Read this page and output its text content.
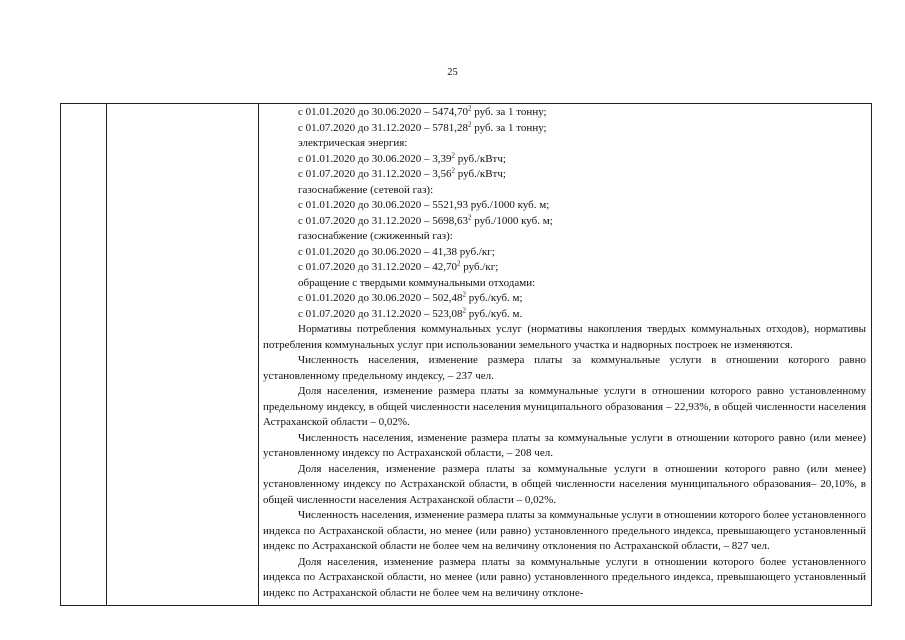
25
с 01.01.2020 до 30.06.2020 – 5474,70$^2$ руб. за 1 тонну;
с 01.07.2020 до 31.12.2020 – 5781,28$^2$ руб. за 1 тонну;
электрическая энергия:
с 01.01.2020 до 30.06.2020 – 3,39$^2$ руб./кВтч;
с 01.07.2020 до 31.12.2020 – 3,56$^2$ руб./кВтч;
газоснабжение (сетевой газ):
с 01.01.2020 до 30.06.2020 – 5521,93 руб./1000 куб. м;
с 01.07.2020 до 31.12.2020 – 5698,63$^2$ руб./1000 куб. м;
газоснабжение (сжиженный газ):
с 01.01.2020 до 30.06.2020 – 41,38 руб./кг;
с 01.07.2020 до 31.12.2020 – 42,70$^2$ руб./кг;
обращение с твердыми коммунальными отходами:
с 01.01.2020 до 30.06.2020 – 502,48$^2$ руб./куб. м;
с 01.07.2020 до 31.12.2020 – 523,08$^2$ руб./куб. м.
Нормативы потребления коммунальных услуг (нормативы накопления твердых коммунальных отходов), нормативы потребления коммунальных услуг при использовании земельного участка и надворных построек не изменяются.
Численность населения, изменение размера платы за коммунальные услуги в отношении которого равно установленному предельному индексу, – 237 чел.
Доля населения, изменение размера платы за коммунальные услуги в отношении которого равно установленному предельному индексу, в общей численности населения муниципального образования – 22,93%, в общей численности населения Астраханской области – 0,02%.
Численность населения, изменение размера платы за коммунальные услуги в отношении которого равно (или менее) установленному индексу по Астраханской области, – 208 чел.
Доля населения, изменение размера платы за коммунальные услуги в отношении которого равно (или менее) установленному индексу по Астраханской области, в общей численности населения муниципального образования– 20,10%, в общей численности населения Астраханской области – 0,02%.
Численность населения, изменение размера платы за коммунальные услуги в отношении которого более установленного индекса по Астраханской области, но менее (или равно) установленного предельного индекса, превышающего установленный индекс по Астраханской области не более чем на величину отклонения по Астраханской области, – 827 чел.
Доля населения, изменение размера платы за коммунальные услуги в отношении которого более установленного индекса по Астраханской области, но менее (или равно) установленного предельного индекса, превышающего установленный индекс по Астраханской области не более чем на величину отклоне-
